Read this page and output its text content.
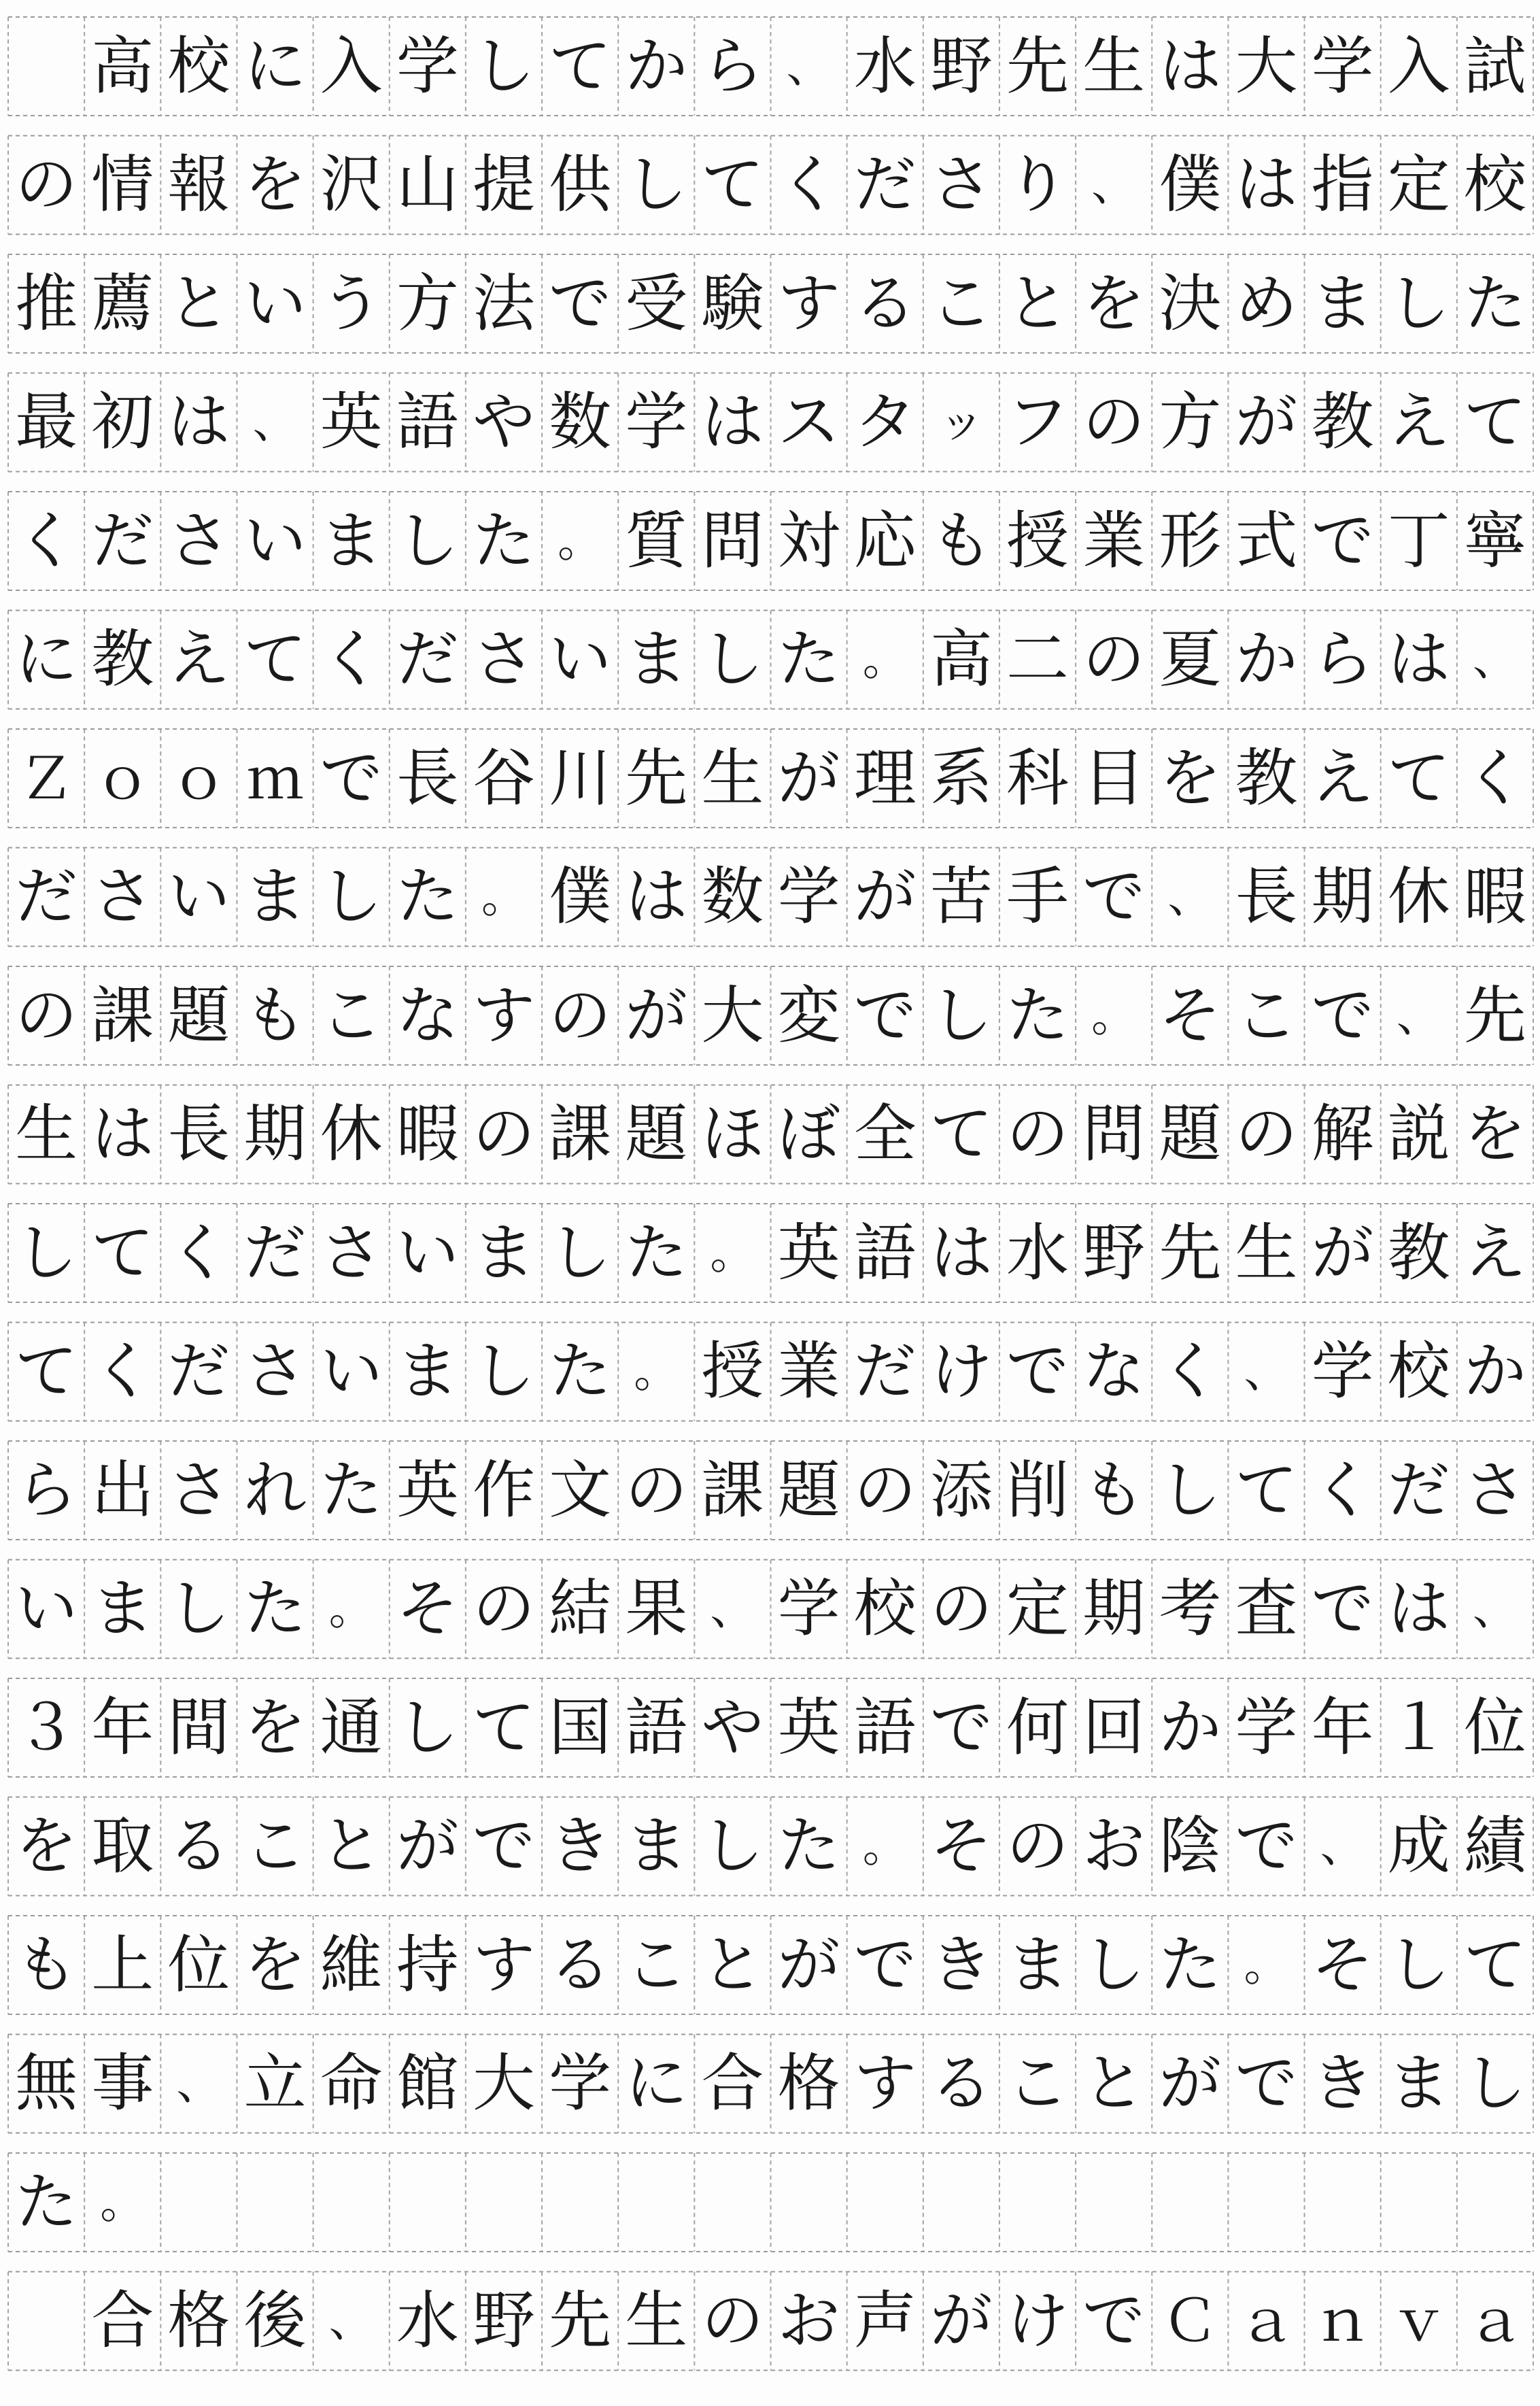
高 校 に 入 学 し て か ら 、 水 野 先 生 は 大 学 入 試
の 情 報 を 沢 山 提 供 し て く だ さ り 、 僕 は 指 定 校
推 薦 と い う 方 法 で 受 験 す る こ と を 決 め ま し た
最 初 は 、 英 語 や 数 学 は ス タ ッ フ の 方 が 教 え て
く だ さ い ま し た 。 質 問 対 応 も 授 業 形 式 で 丁 寧
に 教 え て く だ さ い ま し た 。 高 二 の 夏 か ら は 、
Ｚ ｏ ｏ ｍ で 長 谷 川 先 生 が 理 系 科 目 を 教 え て く
だ さ い ま し た 。 僕 は 数 学 が 苦 手 で 、 長 期 休 暇
の 課 題 も こ な す の が 大 変 で し た 。 そ こ で 、 先
生 は 長 期 休 暇 の 課 題 ほ ぼ 全 て の 問 題 の 解 説 を
し て く だ さ い ま し た 。 英 語 は 水 野 先 生 が 教 え
て く だ さ い ま し た 。 授 業 だ け で な く 、 学 校 か
ら 出 さ れ た 英 作 文 の 課 題 の 添 削 も し て く だ さ
い ま し た 。 そ の 結 果 、 学 校 の 定 期 考 査 で は 、
３ 年 間 を 通 し て 国 語 や 英 語 で 何 回 か 学 年 １ 位
を 取 る こ と が で き ま し た 。 そ の お 陰 で 、 成 績
も 上 位 を 維 持 す る こ と が で き ま し た 。 そ し て
無 事 、 立 命 館 大 学 に 合 格 す る こ と が で き ま し
た 。

合 格 後 、 水 野 先 生 の お 声 が け で Ｃ ａ ｎ ｖ ａ
